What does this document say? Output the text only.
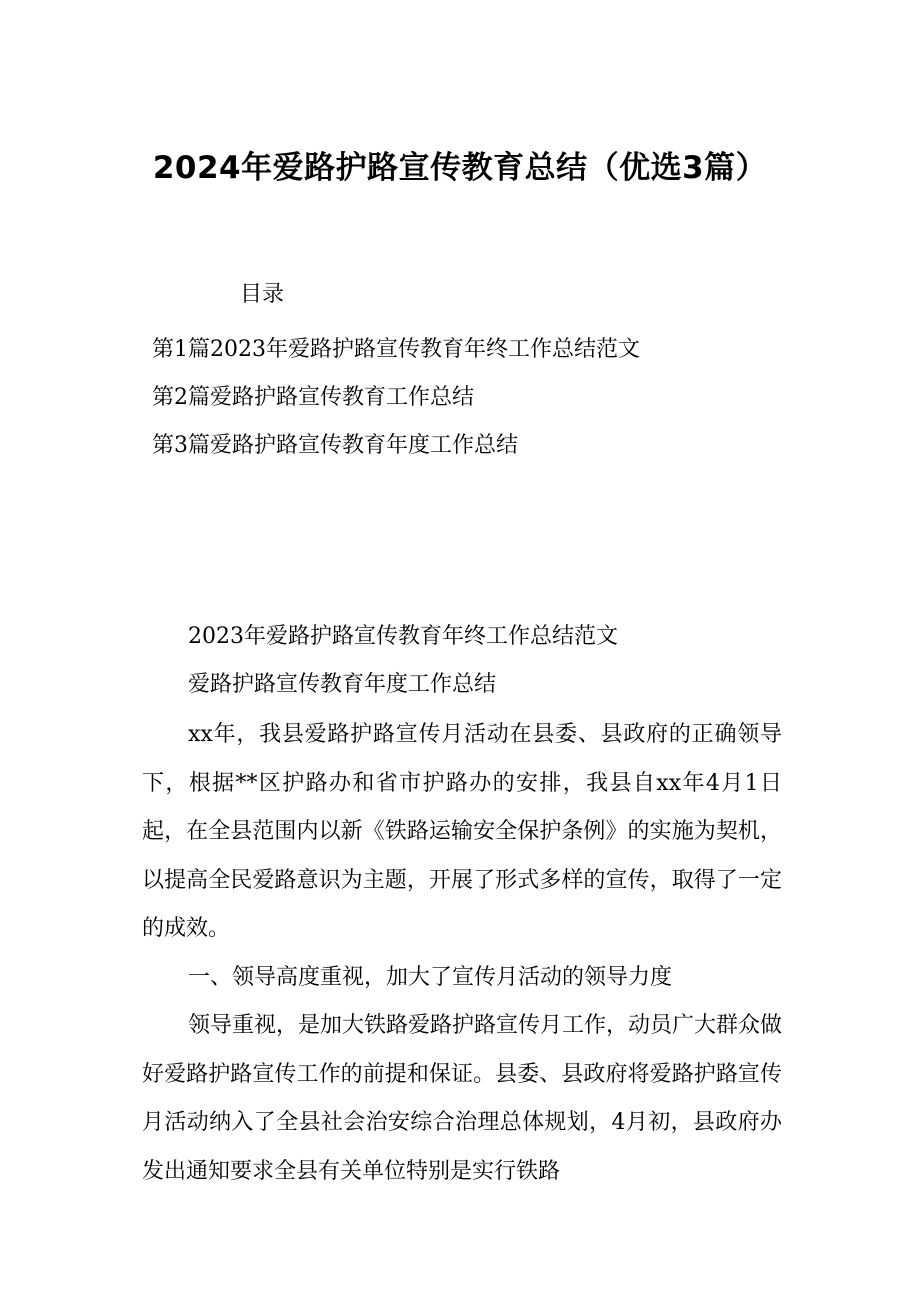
2024年爱路护路宣传教育总结（优选3篇）
目录
第1篇2023年爱路护路宣传教育年终工作总结范文
第2篇爱路护路宣传教育工作总结
第3篇爱路护路宣传教育年度工作总结

2023年爱路护路宣传教育年终工作总结范文

爱路护路宣传教育年度工作总结

xx年，我县爱路护路宣传月活动在县委、县政府的正确领导下，根据**区护路办和省市护路办的安排，我县自xx年4月1日起，在全县范围内以新《铁路运输安全保护条例》的实施为契机，以提高全民爱路意识为主题，开展了形式多样的宣传，取得了一定的成效。

一、领导高度重视，加大了宣传月活动的领导力度

领导重视，是加大铁路爱路护路宣传月工作，动员广大群众做好爱路护路宣传工作的前提和保证。县委、县政府将爱路护路宣传月活动纳入了全县社会治安综合治理总体规划，4月初，县政府办发出通知要求全县有关单位特别是实行铁路
